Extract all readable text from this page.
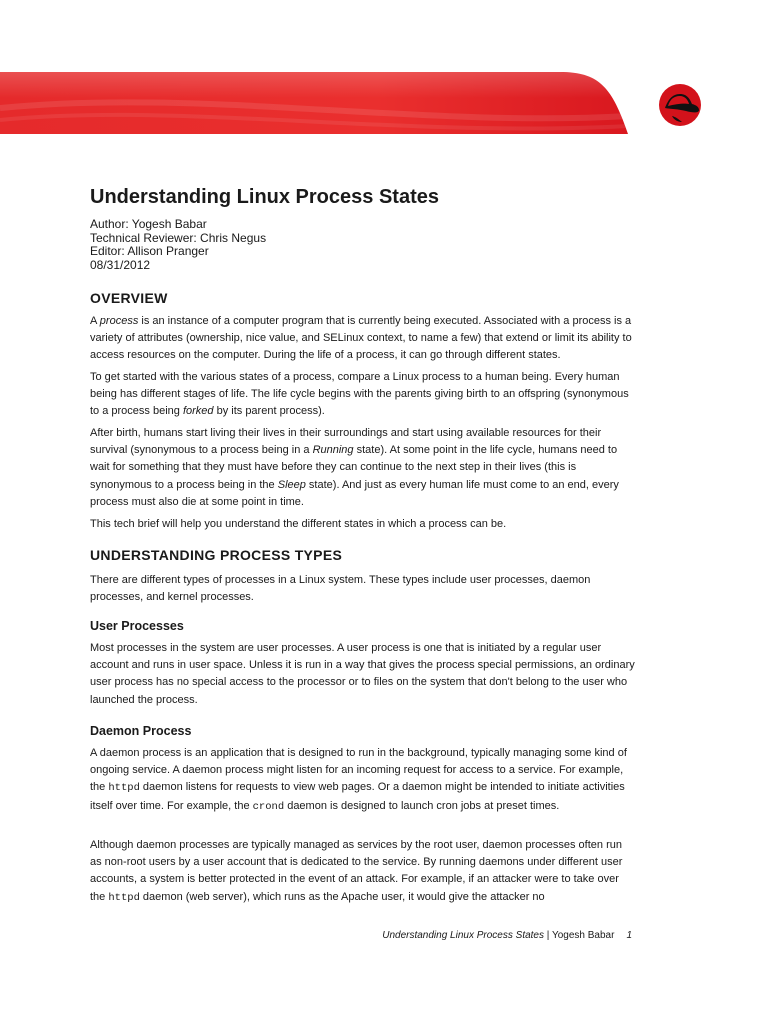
Understanding Linux Process States
Author: Yogesh Babar
Technical Reviewer: Chris Negus
Editor: Allison Pranger
08/31/2012
OVERVIEW

A process is an instance of a computer program that is currently being executed. Associated with a process is a variety of attributes (ownership, nice value, and SELinux context, to name a few) that extend or limit its ability to access resources on the computer. During the life of a process, it can go through different states.

To get started with the various states of a process, compare a Linux process to a human being. Every human being has different stages of life. The life cycle begins with the parents giving birth to an offspring (synonymous to a process being forked by its parent process).

After birth, humans start living their lives in their surroundings and start using available resources for their survival (synonymous to a process being in a Running state). At some point in the life cycle, humans need to wait for something that they must have before they can continue to the next step in their lives (this is synonymous to a process being in the Sleep state). And just as every human life must come to an end, every process must also die at some point in time.

This tech brief will help you understand the different states in which a process can be.

UNDERSTANDING PROCESS TYPES

There are different types of processes in a Linux system. These types include user processes, daemon processes, and kernel processes.

User Processes

Most processes in the system are user processes. A user process is one that is initiated by a regular user account and runs in user space. Unless it is run in a way that gives the process special permissions, an ordinary user process has no special access to the processor or to files on the system that don't belong to the user who launched the process.

Daemon Process

A daemon process is an application that is designed to run in the background, typically managing some kind of ongoing service. A daemon process might listen for an incoming request for access to a service. For example, the httpd daemon listens for requests to view web pages. Or a daemon might be intended to initiate activities itself over time. For example, the crond daemon is designed to launch cron jobs at preset times.

Although daemon processes are typically managed as services by the root user, daemon processes often run as non-root users by a user account that is dedicated to the service. By running daemons under different user accounts, a system is better protected in the event of an attack. For example, if an attacker were to take over the httpd daemon (web server), which runs as the Apache user, it would give the attacker no

Understanding Linux Process States | Yogesh Babar 1
